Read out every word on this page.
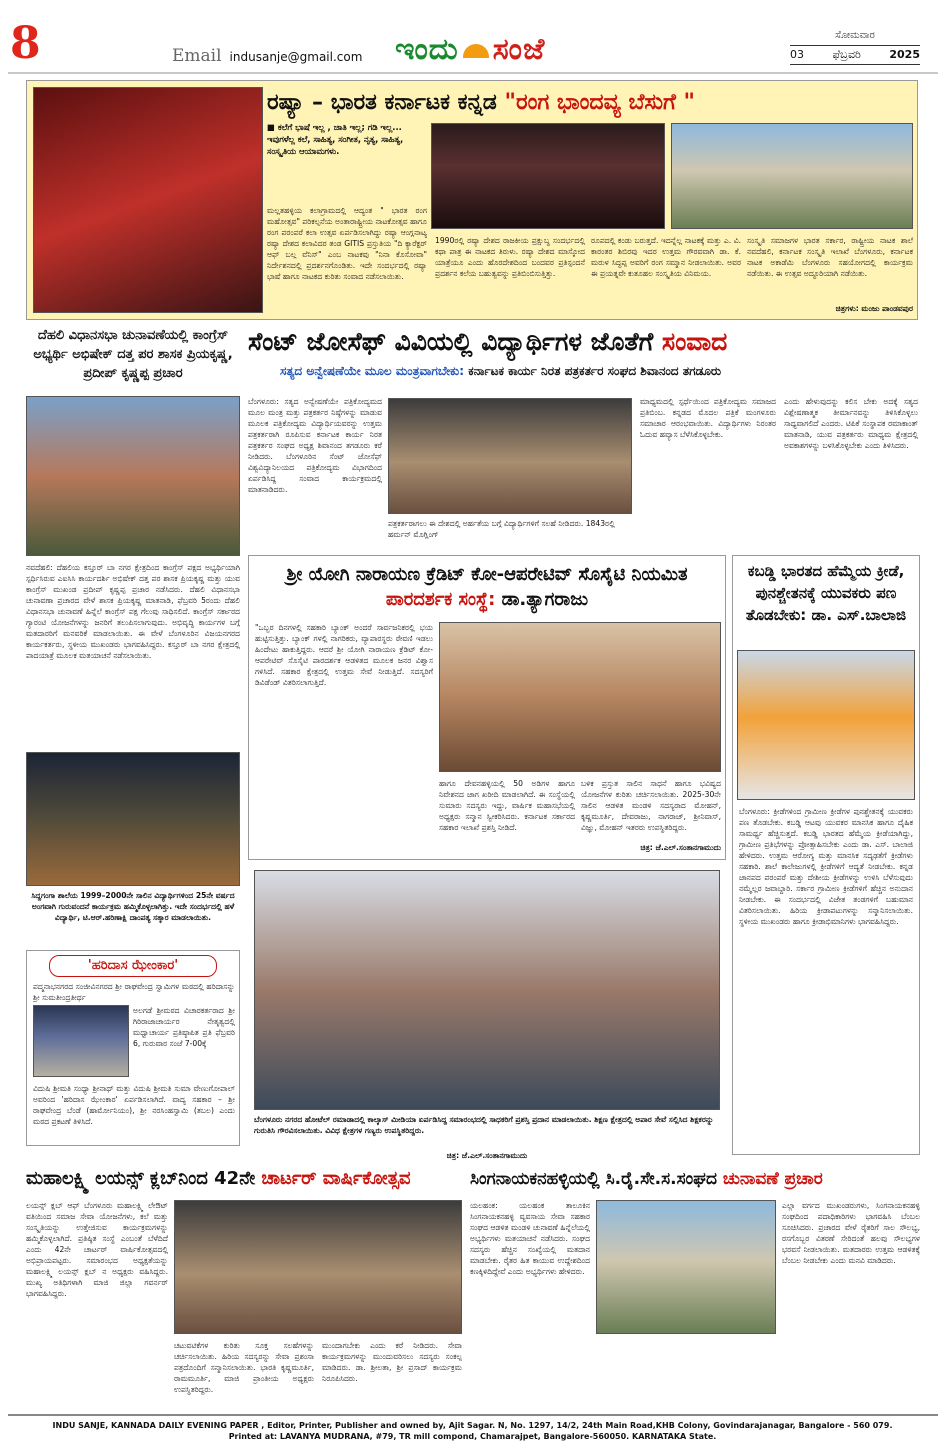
8	Email indusanje@gmail.com ಇಂದು ಸಂಜೆ	ಸೋಮವಾರ
03	ಫೆಬ್ರವರಿ	2025
ರಷ್ಯಾ – ಭಾರತ ಕರ್ನಾಟಕ ಕನ್ನಡ "ರಂಗ ಭಾಂದವ್ಯ ಬೆಸುಗೆ "
■ ಕಲೆಗೆ ಭಾಷೆ ಇಲ್ಲ , ಜಾತಿ ಇಲ್ಲ; ಗಡಿ ಇಲ್ಲ... ಇವುಗಳೆಲ್ಲ ಕಲೆ, ಸಾಹಿತ್ಯ, ಸಂಗೀತ, ನೃತ್ಯ, ಸಾಹಿತ್ಯ, ಸಂಸ್ಕೃತಿಯ ಆಯಾಮಗಳು.
ಮಲ್ಲತಹಳ್ಳಿಯ ಕಲಾಗ್ರಾಮದಲ್ಲಿ ಆದ್ಯಂತ " ಭಾರತ ರಂಗ ಮಹೋತ್ಸವ" ಪರಿಕಲ್ಪನೆಯ ಅಂತಾರಾಷ್ಟ್ರೀಯ ನಾಟಕೋತ್ಸವ ಹಾಗೂ ರಂಗ ಪರಂಪರೆ ಕಲಾ ಉತ್ಸವ ಏರ್ಪಡಿಸಲಾಗಿದ್ದು ರಷ್ಯಾ ಆಂಗ್ಲನಾಟ್ಯ ರಷ್ಯಾ ದೇಶದ ಕಲಾವಿದರ ತಂಡ GITIS ಪ್ರಸ್ತುತಿಯ "ದಿ ಕ್ಯಾರೆಕ್ಟರ್ ಆಫ್ ಬಲ್ಗ ವೆನಿಸ್" ಎಂಬ ನಾಟಕವು "ನಿನಾ ಕೊಸೋವಾ" ನಿರ್ದೇಶನದಲ್ಲಿ ಪ್ರದರ್ಶನಗೊಂಡಿತು. ಇದೇ ಸಂದರ್ಭದಲ್ಲಿ ರಷ್ಯಾ ಭಾಷೆ ಹಾಗೂ ನಾಟಕದ ಕುರಿತು ಸಂವಾದ ನಡೆಸಲಾಯಿತು.
1990ರಲ್ಲಿ ರಷ್ಯಾ ದೇಶದ ರಾಜಕೀಯ ಪ್ರಕ್ಷುಬ್ಧ ಸಂದರ್ಭದಲ್ಲಿ ಕಥಾ ಪಾತ್ರ ಈ ನಾಟಕದ ತಿರುಳು. ರಷ್ಯಾ ದೇಶದ ಮಾಸ್ಕೋದ ಯಾತ್ರೆಯೂ ಎಂದು ಹೊರದೇಶದಿಂದ ಬಂದವರ ಪ್ರತಿಸ್ಪಂದನೆ ಪ್ರದರ್ಶನ ಕಲೆಯ ಬಹುತ್ವವನ್ನು ಪ್ರತಿಬಿಂಬಿಸುತ್ತಿತ್ತು.
ರೂಪದಲ್ಲಿ ಕಂಡು ಬರುತ್ತದೆ. ಇದನ್ನೆಲ್ಲ ನಾಟಕಕ್ಕೆ ಮತ್ತು ಎ. ವಿ. ಕಾರಂತರ ಶಿಬಿರವು ಇದರ ಉತ್ತಮ ಗೌರವವಾಗಿ ಡಾ. ಕೆ. ಮರುಳ ಸಿದ್ಧಪ್ಪ ಅವರಿಗೆ ರಂಗ ಸಮ್ಮಾನ ನೀಡಲಾಯಿತು. ಅವರ ಈ ಪ್ರಯತ್ನವೇ ಕುತೂಹಲ ಸಂಸ್ಕೃತಿಯ ವಿನಿಮಯ.
ಸಂಸ್ಕೃತಿ ಸಮಾಜಗಳ ಭಾರತ ಸರ್ಕಾರ, ರಾಷ್ಟ್ರೀಯ ನಾಟಕ ಶಾಲೆ ನವದೆಹಲಿ, ಕರ್ನಾಟಕ ಸಂಸ್ಕೃತಿ ಇಲಾಖೆ ಬೆಂಗಳೂರು, ಕರ್ನಾಟಕ ನಾಟಕ ಅಕಾಡೆಮಿ ಬೆಂಗಳೂರು ಸಹಯೋಗದಲ್ಲಿ ಕಾರ್ಯಕ್ರಮ ನಡೆಯಿತು. ಈ ಉತ್ಸವ ಅದ್ಧೂರಿಯಾಗಿ ನಡೆಯಿತು.
ಚಿತ್ರಗಳು: ಮಂಜು ಪಾಂಡವಪುರ
ದೆಹಲಿ ವಿಧಾನಸಭಾ ಚುನಾವಣೆಯಲ್ಲಿ ಕಾಂಗ್ರೆಸ್ ಅಭ್ಯರ್ಥಿ ಅಭಿಷೇಕ್ ದತ್ತ ಪರ ಶಾಸಕ ಪ್ರಿಯಕೃಷ್ಣ, ಪ್ರದೀಪ್ ಕೃಷ್ಣಪ್ಪ ಪ್ರಚಾರ
ನವದೆಹಲಿ: ದೆಹಲಿಯ ಕಸ್ತೂರ್ ಬಾ ನಗರ ಕ್ಷೇತ್ರದಿಂದ ಕಾಂಗ್ರೆಸ್ ಪಕ್ಷದ ಅಭ್ಯರ್ಥಿಯಾಗಿ ಸ್ಪರ್ಧಿಸಿರುವ ಎಐಸಿಸಿ ಕಾರ್ಯದರ್ಶಿ ಅಭಿಷೇಕ್ ದತ್ತ ಪರ ಶಾಸಕ ಪ್ರಿಯಕೃಷ್ಣ ಮತ್ತು ಯುವ ಕಾಂಗ್ರೆಸ್ ಮುಖಂಡ ಪ್ರದೀಪ್ ಕೃಷ್ಣಪ್ಪ ಪ್ರಚಾರ ನಡೆಸಿದರು. ದೆಹಲಿ ವಿಧಾನಸಭಾ ಚುನಾವಣಾ ಪ್ರಚಾರದ ವೇಳೆ ಶಾಸಕ ಪ್ರಿಯಕೃಷ್ಣ ಮಾತನಾಡಿ, ಫೆಬ್ರವರಿ 5ರಂದು ದೆಹಲಿ ವಿಧಾನಸಭಾ ಚುನಾವಣೆ ಹಿನ್ನೆಲೆ ಕಾಂಗ್ರೆಸ್ ಪಕ್ಷ ಗೆಲುವು ಸಾಧಿಸಲಿದೆ. ಕಾಂಗ್ರೆಸ್ ಸರ್ಕಾರದ ಗ್ಯಾರಂಟಿ ಯೋಜನೆಗಳನ್ನು ಜನರಿಗೆ ತಲುಪಿಸಲಾಗುವುದು. ಅಭಿವೃದ್ಧಿ ಕಾರ್ಯಗಳ ಬಗ್ಗೆ ಮತದಾರರಿಗೆ ಮನವರಿಕೆ ಮಾಡಲಾಯಿತು. ಈ ವೇಳೆ ಬೆಂಗಳೂರಿನ ವಿಜಯನಗರದ ಕಾರ್ಯಕರ್ತರು, ಸ್ಥಳೀಯ ಮುಖಂಡರು ಭಾಗವಹಿಸಿದ್ದರು. ಕಸ್ತೂರ್ ಬಾ ನಗರ ಕ್ಷೇತ್ರದಲ್ಲಿ ಪಾದಯಾತ್ರೆ ಮೂಲಕ ಮತಯಾಚನೆ ನಡೆಸಲಾಯಿತು.
ಸೆಂಟ್ ಜೋಸೆಫ್ ವಿವಿಯಲ್ಲಿ ವಿದ್ಯಾರ್ಥಿಗಳ ಜೊತೆಗೆ ಸಂವಾದ
ಸತ್ಯದ ಅನ್ವೇಷಣೆಯೇ ಮೂಲ ಮಂತ್ರವಾಗಬೇಕು: ಕರ್ನಾಟಕ ಕಾರ್ಯ ನಿರತ ಪತ್ರಕರ್ತರ ಸಂಘದ ಶಿವಾನಂದ ತಗಡೂರು
ಬೆಂಗಳೂರು: ಸತ್ಯದ ಅನ್ವೇಷಣೆಯೇ ಪತ್ರಿಕೋದ್ಯಮದ ಮೂಲ ಮಂತ್ರ ಮತ್ತು ಪತ್ರಕರ್ತರ ನಿಷ್ಠೆಗಳನ್ನು ಮಾಡುವ ಮೂಲಕ ಪತ್ರಿಕೋದ್ಯಮ ವಿದ್ಯಾರ್ಥಿಯವರನ್ನು ಉತ್ತಮ ಪತ್ರಕರ್ತರಾಗಿ ರೂಪಿಸುವ ಕರ್ನಾಟಕ ಕಾರ್ಯ ನಿರತ ಪತ್ರಕರ್ತರ ಸಂಘದ ಅಧ್ಯಕ್ಷ ಶಿವಾನಂದ ತಗಡೂರು ಕರೆ ನೀಡಿದರು. ಬೆಂಗಳೂರಿನ ಸೆಂಟ್ ಜೋಸೆಫ್ ವಿಶ್ವವಿದ್ಯಾನಿಲಯದ ಪತ್ರಿಕೋದ್ಯಮ ವಿಭಾಗದಿಂದ ಏರ್ಪಡಿಸಿದ್ದ ಸಂವಾದ ಕಾರ್ಯಕ್ರಮದಲ್ಲಿ ಮಾತನಾಡಿದರು.
ಪತ್ರಕರ್ತರಾಗಲು ಈ ದೇಶದಲ್ಲಿ ಅರ್ಹತೆಯ ಬಗ್ಗೆ ವಿದ್ಯಾರ್ಥಿಗಳಿಗೆ ಸಲಹೆ ನೀಡಿದರು. 1843ರಲ್ಲಿ ಹರ್ಮನ್ ಮೊಗ್ಲಿಂಗ್
ಮಾಧ್ಯಮದಲ್ಲಿ ಸ್ಪರ್ಧೆಯಿಂದ ಪತ್ರಿಕೋದ್ಯಮ ಸಮಾಜದ ಪ್ರತಿಬಿಂಬ. ಕನ್ನಡದ ಮೊದಲ ಪತ್ರಿಕೆ ಮಂಗಳೂರು ಸಮಾಚಾರ ಆರಂಭವಾಯಿತು. ವಿದ್ಯಾರ್ಥಿಗಳು ನಿರಂತರ ಓದುವ ಹವ್ಯಾಸ ಬೆಳೆಸಿಕೊಳ್ಳಬೇಕು.
ಎಂದು ಹೇಳುವುದನ್ನು ಕಲಿಸ ಬೇಕು ಅದಕ್ಕೆ ಸತ್ಯದ ವಿಶ್ಲೇಷಣಾತ್ಮಕ ತೀರ್ಮಾನವನ್ನು ತಿಳಿಸಿಕೊಳ್ಳಲು ಸಾಧ್ಯವಾಗಲಿದೆ ಎಂದರು. ಟಿಪಿಕೆ ಸಂಸ್ಥಾಪಕ ರಮಾಕಾಂತ್ ಮಾತನಾಡಿ, ಯುವ ಪತ್ರಕರ್ತರು ಮಾಧ್ಯಮ ಕ್ಷೇತ್ರದಲ್ಲಿ ಅವಕಾಶಗಳನ್ನು ಬಳಸಿಕೊಳ್ಳಬೇಕು ಎಂದು ತಿಳಿಸಿದರು.
ಶ್ರೀ ಯೋಗಿ ನಾರಾಯಣ ಕ್ರೆಡಿಟ್ ಕೋ-ಆಪರೇಟಿವ್ ಸೊಸೈಟಿ ನಿಯಮಿತ ಪಾರದರ್ಶಕ ಸಂಸ್ಥೆ: ಡಾ.ತ್ಯಾಗರಾಜು
"ಒಬ್ಬರ ದಿನಗಳಲ್ಲಿ ಸಹಕಾರಿ ಬ್ಯಾಂಕ್ ಅಂದರೆ ಸಾರ್ವಜನಿಕರಲ್ಲಿ ಭಯ ಹುಟ್ಟಿಸುತ್ತಿತ್ತು. ಬ್ಯಾಂಕ್ ಗಳಲ್ಲಿ ನಾಗರಿಕರು, ವ್ಯಾಪಾರಸ್ಥರು ಠೇವಣಿ ಇಡಲು ಹಿಂದೇಟು ಹಾಕುತ್ತಿದ್ದರು. ಆದರೆ ಶ್ರೀ ಯೋಗಿ ನಾರಾಯಣ ಕ್ರೆಡಿಟ್ ಕೋ-ಆಪರೇಟಿವ್ ಸೊಸೈಟಿ ಪಾರದರ್ಶಕ ಆಡಳಿತದ ಮೂಲಕ ಜನರ ವಿಶ್ವಾಸ ಗಳಿಸಿದೆ. ಸಹಕಾರ ಕ್ಷೇತ್ರದಲ್ಲಿ ಉತ್ತಮ ಸೇವೆ ನೀಡುತ್ತಿದೆ. ಸದಸ್ಯರಿಗೆ ಡಿವಿಡೆಂಡ್ ವಿತರಿಸಲಾಗುತ್ತಿದೆ.
ಹಾಗೂ ದೇವನಹಳ್ಳಿಯಲ್ಲಿ 50 ಅಡಿಗಳ ಹಾಗೂ ನಿವೇಶನದ ಜಾಗ ಖರೀದಿ ಮಾಡಲಾಗಿದೆ. ಈ ಸಂಸ್ಥೆಯಲ್ಲಿ ಸುಮಾರು ಸದಸ್ಯರು ಇದ್ದು, ವಾರ್ಷಿಕ ಮಹಾಸಭೆಯಲ್ಲಿ ಅಧ್ಯಕ್ಷರು ಸನ್ಮಾನ ಸ್ವೀಕರಿಸಿದರು. ಕರ್ನಾಟಕ ಸರ್ಕಾರದ ಸಹಕಾರ ಇಲಾಖೆ ಪ್ರಶಸ್ತಿ ನೀಡಿದೆ.
ಬಳಿಕ ಪ್ರಸ್ತುತ ಸಾಲಿನ ಸಾಧನೆ ಹಾಗೂ ಭವಿಷ್ಯದ ಯೋಜನೆಗಳ ಕುರಿತು ಚರ್ಚಿಸಲಾಯಿತು. 2025-30ನೇ ಸಾಲಿನ ಆಡಳಿತ ಮಂಡಳಿ ಸದಸ್ಯರಾದ ಮೋಹನ್, ಕೃಷ್ಣಮೂರ್ತಿ, ದೇವರಾಜು, ನಾಗರಾಜ್, ಶ್ರೀನಿವಾಸ್, ವಿಜ್ಞು, ಮೋಹನ್ ಇತರರು ಉಪಸ್ಥಿತರಿದ್ದರು.
ಚಿತ್ರ: ಜೆ.ಎಲ್.ಸಂತಾನಗಾಮುದು
ಕಬಡ್ಡಿ ಭಾರತದ ಹೆಮ್ಮೆಯ ಕ್ರೀಡೆ, ಪುನಶ್ಚೇತನಕ್ಕೆ ಯುವಕರು ಪಣ ತೊಡಬೇಕು: ಡಾ. ಎಸ್.ಬಾಲಾಜಿ
ಬೆಂಗಳೂರು: ಕ್ರೀಡೆಗಳಿಂದ ಗ್ರಾಮೀಣ ಕ್ರೀಡೆಗಳ ಪುನಶ್ಚೇತನಕ್ಕೆ ಯುವಕರು ಪಣ ತೊಡಬೇಕು. ಕಬಡ್ಡಿ ಆಟವು ಯುವಕರ ಮಾನಸಿಕ ಹಾಗೂ ದೈಹಿಕ ಸಾಮರ್ಥ್ಯ ಹೆಚ್ಚಿಸುತ್ತದೆ. ಕಬಡ್ಡಿ ಭಾರತದ ಹೆಮ್ಮೆಯ ಕ್ರೀಡೆಯಾಗಿದ್ದು, ಗ್ರಾಮೀಣ ಪ್ರತಿಭೆಗಳನ್ನು ಪ್ರೋತ್ಸಾಹಿಸಬೇಕು ಎಂದು ಡಾ. ಎಸ್. ಬಾಲಾಜಿ ಹೇಳಿದರು. ಉತ್ತಮ ಆರೋಗ್ಯ ಮತ್ತು ಮಾನಸಿಕ ಸದೃಢತೆಗೆ ಕ್ರೀಡೆಗಳು ಸಹಕಾರಿ. ಶಾಲೆ ಕಾಲೇಜುಗಳಲ್ಲಿ ಕ್ರೀಡೆಗಳಿಗೆ ಆದ್ಯತೆ ನೀಡಬೇಕು. ಕನ್ನಡ ಜಾನಪದ ಪರಂಪರೆ ಮತ್ತು ದೇಶೀಯ ಕ್ರೀಡೆಗಳನ್ನು ಉಳಿಸಿ ಬೆಳೆಸುವುದು ನಮ್ಮೆಲ್ಲರ ಜವಾಬ್ದಾರಿ. ಸರ್ಕಾರ ಗ್ರಾಮೀಣ ಕ್ರೀಡೆಗಳಿಗೆ ಹೆಚ್ಚಿನ ಅನುದಾನ ನೀಡಬೇಕು. ಈ ಸಂದರ್ಭದಲ್ಲಿ ವಿಜೇತ ತಂಡಗಳಿಗೆ ಬಹುಮಾನ ವಿತರಿಸಲಾಯಿತು. ಹಿರಿಯ ಕ್ರೀಡಾಪಟುಗಳನ್ನು ಸನ್ಮಾನಿಸಲಾಯಿತು. ಸ್ಥಳೀಯ ಮುಖಂಡರು ಹಾಗೂ ಕ್ರೀಡಾಭಿಮಾನಿಗಳು ಭಾಗವಹಿಸಿದ್ದರು.
ಸಿದ್ದಗಂಗಾ ಶಾಲೆಯ 1999–2000ನೇ ಸಾಲಿನ ವಿದ್ಯಾರ್ಥಿಗಳಿಂದ 25ನೇ ವರ್ಷದ ಅಂಗವಾಗಿ ಗುರುವಂದನೆ ಕಾರ್ಯಕ್ರಮ ಹಮ್ಮಿಕೊಳ್ಳಲಾಗಿತ್ತು. ಇದೇ ಸಂದರ್ಭದಲ್ಲಿ ಹಳೆ ವಿದ್ಯಾರ್ಥಿ, ಟಿ.ಆರ್.ಹರಿಣಾಕ್ಷಿ ದಾಂಪತ್ಯ ಸತ್ಕಾರ ಮಾಡಲಾಯಿತು.
'ಹರಿದಾಸ ಝೇಂಕಾರ'
ಪದ್ಮನಾಭನಗರದ ಸಂಜೀವಿನಗರದ ಶ್ರೀ ರಾಘವೇಂದ್ರ ಸ್ವಾಮಿಗಳ ಮಠದಲ್ಲಿ ಹರಿದಾಸನ್ನು ಶ್ರೀ ಸುಮತೀಂದ್ರತೀರ್ಥ
ಅಲಗಡೆ ಶ್ರೀಮಠದ ವಿಚಾರಕರ್ತರಾದ ಶ್ರೀ ಗಿರಿರಾಜಾಚಾರ್ಯರ ನೇತೃತ್ವದಲ್ಲಿ ಮಧ್ವಾಚಾರ್ಯ ಪ್ರತಿಷ್ಠಾಪಿತ ಪ್ರತಿ ಫೆಬ್ರವರಿ 6, ಗುರುವಾರ ಸಂಜೆ 7-00ಕ್ಕೆ
ವಿದುಷಿ ಶ್ರೀಮತಿ ಸಂಧ್ಯಾ ಶ್ರೀನಾಥ್ ಮತ್ತು ವಿದುಷಿ ಶ್ರೀಮತಿ ಸುಮಾ ವೇಣುಗೋಪಾಲ್ ಅವರಿಂದ 'ಹರಿದಾಸ ಝೇಂಕಾರ' ಏರ್ಪಡಿಸಲಾಗಿದೆ. ವಾದ್ಯ ಸಹಕಾರ – ಶ್ರೀ ರಾಘವೇಂದ್ರ ಬೆಂಡೆ (ಹಾರ್ಮೋನಿಯಂ), ಶ್ರೀ ನರಸಿಂಹಸ್ವಾಮಿ (ತಬಲ) ಎಂದು ಮಠದ ಪ್ರಕಟಣೆ ತಿಳಿಸಿದೆ.	ಬೆಂಗಳೂರು ನಗರದ ಹೋಟೆಲ್ ರಮಾಡಾದಲ್ಲಿ ಕಾಲ್ಕಾಸ್ ಮೀಡಿಯಾ ಏರ್ಪಡಿಸಿದ್ದ ಸಮಾರಂಭದಲ್ಲಿ ಸಾಧಕರಿಗೆ ಪ್ರಶಸ್ತಿ ಪ್ರದಾನ ಮಾಡಲಾಯಿತು. ಶಿಕ್ಷಣ ಕ್ಷೇತ್ರದಲ್ಲಿ ಅಪಾರ ಸೇವೆ ಸಲ್ಲಿಸಿದ ಶಿಕ್ಷಕರನ್ನು ಗುರುತಿಸಿ ಗೌರವಿಸಲಾಯಿತು. ವಿವಿಧ ಕ್ಷೇತ್ರಗಳ ಗಣ್ಯರು ಉಪಸ್ಥಿತರಿದ್ದರು.
ಚಿತ್ರ: ಜೆ.ಎಲ್.ಸಂತಾನಗಾಮುದು
ಮಹಾಲಕ್ಷ್ಮಿ ಲಯನ್ಸ್ ಕ್ಲಬ್‌ನಿಂದ 42ನೇ ಚಾರ್ಟರ್ ವಾರ್ಷಿಕೋತ್ಸವ
ಲಯನ್ಸ್ ಕ್ಲಬ್ ಆಫ್ ಬೆಂಗಳೂರು ಮಹಾಲಕ್ಷ್ಮಿ ಲೇಔಟ್ ವತಿಯಿಂದ ಸಮಾಜ ಸೇವಾ ಯೋಜನೆಗಳು, ಕಲೆ ಮತ್ತು ಸಂಸ್ಕೃತಿಯನ್ನು ಉತ್ತೇಜಿಸುವ ಕಾರ್ಯಕ್ರಮಗಳನ್ನು ಹಮ್ಮಿಕೊಳ್ಳಲಾಗಿದೆ. ಪ್ರತಿಷ್ಠಿತ ಸಂಸ್ಥೆ ಎಂಬಂತೆ ಬೆಳೆದಿದೆ ಎಂದು 42ನೇ ಚಾರ್ಟರ್ ವಾರ್ಷಿಕೋತ್ಸವದಲ್ಲಿ ಅಭಿಪ್ರಾಯಪಟ್ಟರು. ಸಮಾರಂಭದ ಅಧ್ಯಕ್ಷತೆಯನ್ನು ಮಹಾಲಕ್ಷ್ಮಿ ಲಯನ್ಸ್ ಕ್ಲಬ್ ನ ಅಧ್ಯಕ್ಷರು ವಹಿಸಿದ್ದರು. ಮುಖ್ಯ ಅತಿಥಿಗಳಾಗಿ ಮಾಜಿ ಜಿಲ್ಲಾ ಗವರ್ನರ್ ಭಾಗವಹಿಸಿದ್ದರು.
ಚಟುವಟಿಕೆಗಳ ಕುರಿತು ಸೂಕ್ತ ಸಲಹೆಗಳನ್ನು ಚರ್ಚಿಸಲಾಯಿತು. ಹಿರಿಯ ಸದಸ್ಯರನ್ನು ಸೇವಾ ಪ್ರಶಂಸಾ ಪತ್ರದೊಂದಿಗೆ ಸನ್ಮಾನಿಸಲಾಯಿತು. ಭಾರತಿ ಕೃಷ್ಣಮೂರ್ತಿ, ರಾಮಮೂರ್ತಿ, ಮಾಜಿ ಪ್ರಾಂತೀಯ ಅಧ್ಯಕ್ಷರು ಉಪಸ್ಥಿತರಿದ್ದರು.
ಮುಂದಾಗಬೇಕು ಎಂದು ಕರೆ ನೀಡಿದರು. ಸೇವಾ ಕಾರ್ಯಕ್ರಮಗಳನ್ನು ಮುಂದುವರಿಸಲು ಸದಸ್ಯರು ಸಂಕಲ್ಪ ಮಾಡಿದರು. ಡಾ. ಶ್ರೀಲತಾ, ಶ್ರೀ ಪ್ರಸಾದ್ ಕಾರ್ಯಕ್ರಮ ನಿರೂಪಿಸಿದರು.
ಸಿಂಗನಾಯಕನಹಳ್ಳಿಯಲ್ಲಿ ಸಿ.ರೈ.ಸೇ.ಸ.ಸಂಘದ ಚುನಾವಣೆ ಪ್ರಚಾರ
ಯಲಹಂಕ: ಯಲಹಂಕ ತಾಲೂಕಿನ ಸಿಂಗನಾಯಕನಹಳ್ಳಿ ವ್ಯವಸಾಯ ಸೇವಾ ಸಹಕಾರ ಸಂಘದ ಆಡಳಿತ ಮಂಡಳಿ ಚುನಾವಣೆ ಹಿನ್ನೆಲೆಯಲ್ಲಿ ಅಭ್ಯರ್ಥಿಗಳು ಮತಯಾಚನೆ ನಡೆಸಿದರು. ಸಂಘದ ಸದಸ್ಯರು ಹೆಚ್ಚಿನ ಸಂಖ್ಯೆಯಲ್ಲಿ ಮತದಾನ ಮಾಡಬೇಕು. ರೈತರ ಹಿತ ಕಾಯುವ ಉದ್ದೇಶದಿಂದ ಕಣಕ್ಕಿಳಿದಿದ್ದೇವೆ ಎಂದು ಅಭ್ಯರ್ಥಿಗಳು ಹೇಳಿದರು.
ಎಲ್ಲಾ ವರ್ಗದ ಮುಖಂಡರುಗಳು, ಸಿಂಗನಾಯಕನಹಳ್ಳಿ ಸಂಘದಿಂದ ಪದಾಧಿಕಾರಿಗಳು ಭಾಗವಹಿಸಿ ಬೆಂಬಲ ಸೂಚಿಸಿದರು. ಪ್ರಚಾರದ ವೇಳೆ ರೈತರಿಗೆ ಸಾಲ ಸೌಲಭ್ಯ, ರಸಗೊಬ್ಬರ ವಿತರಣೆ ಸೇರಿದಂತೆ ಹಲವು ಸೌಲಭ್ಯಗಳ ಭರವಸೆ ನೀಡಲಾಯಿತು. ಮತದಾರರು ಉತ್ತಮ ಆಡಳಿತಕ್ಕೆ ಬೆಂಬಲ ನೀಡಬೇಕು ಎಂದು ಮನವಿ ಮಾಡಿದರು.
INDU SANJE, KANNADA DAILY EVENING PAPER , Editor, Printer, Publisher and owned by, Ajit Sagar. N, No. 1297, 14/2, 24th Main Road,KHB Colony, Govindarajanagar, Bangalore - 560 079.
Printed at: LAVANYA MUDRANA, #79, TR mill compond, Chamarajpet, Bangalore-560050. KARNATAKA State.
